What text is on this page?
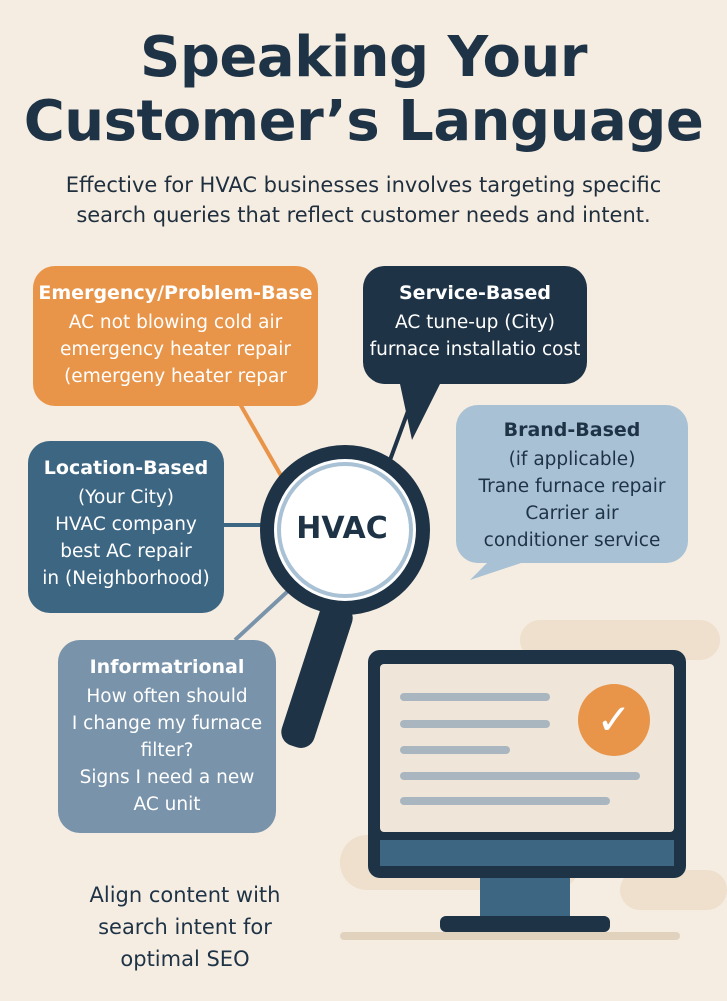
Speaking Your
Customer’s Language
Effective for HVAC businesses involves targeting specific
search queries that reflect customer needs and intent.
Emergency/Problem-Base
AC not blowing cold air
emergency heater repair
(emergeny heater repar
Service-Based
AC tune-up (City)
furnace installatio cost
Brand-Based
(if applicable)
Trane furnace repair
Carrier air
conditioner service
Location-Based
(Your City)
HVAC company
best AC repair
in (Neighborhood)
Informatrional
How often should
I change my furnace
filter?
Signs I need a new
AC unit
HVAC
✓
Align content with
search intent for
optimal SEO
